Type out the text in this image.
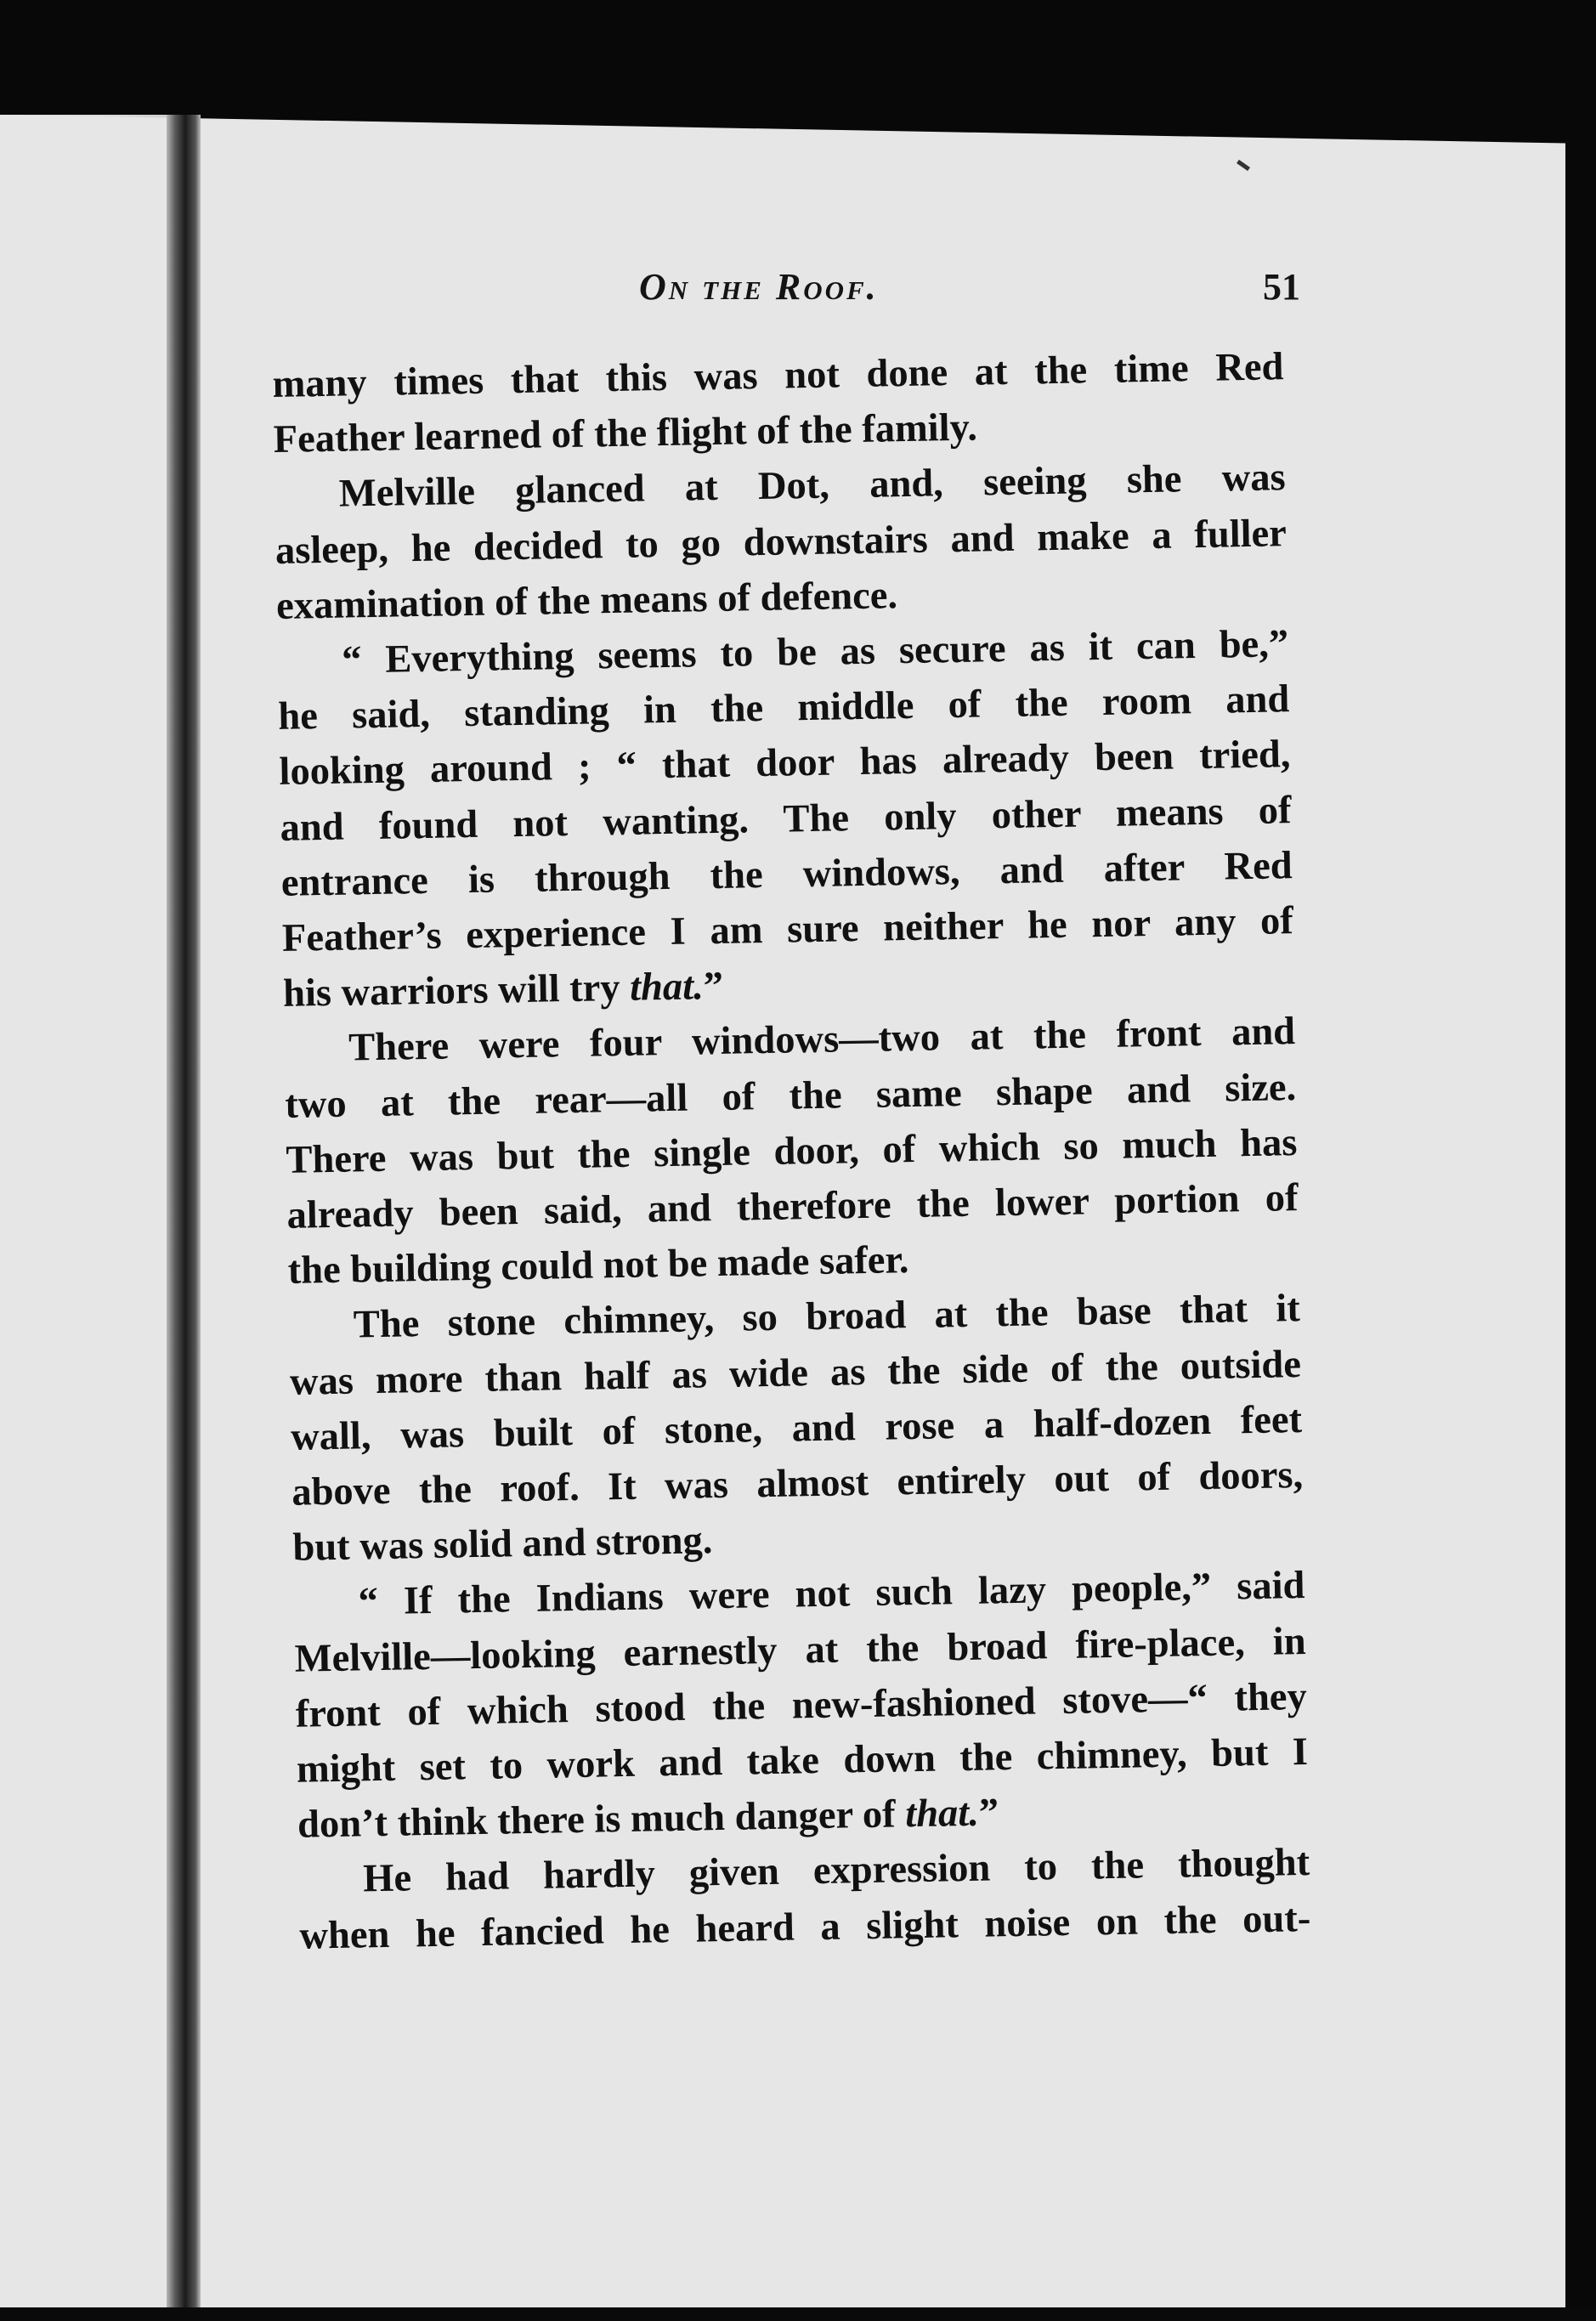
On the Roof.	51

many times that this was not done at the time Red
Feather learned of the flight of the family.

Melville glanced at Dot, and, seeing she was
asleep, he decided to go downstairs and make a fuller
examination of the means of defence.

“ Everything seems to be as secure as it can be,”
he said, standing in the middle of the room and
looking around ; “ that door has already been tried,
and found not wanting. The only other means of
entrance is through the windows, and after Red
Feather’s experience I am sure neither he nor any of
his warriors will try that.”

There were four windows—two at the front and
two at the rear—all of the same shape and size.
There was but the single door, of which so much has
already been said, and therefore the lower portion of
the building could not be made safer.

The stone chimney, so broad at the base that it
was more than half as wide as the side of the outside
wall, was built of stone, and rose a half-dozen feet
above the roof. It was almost entirely out of doors,
but was solid and strong.

“ If the Indians were not such lazy people,” said
Melville—looking earnestly at the broad fire-place, in
front of which stood the new-fashioned stove—“ they
might set to work and take down the chimney, but I
don’t think there is much danger of that.”

He had hardly given expression to the thought
when he fancied he heard a slight noise on the out-
